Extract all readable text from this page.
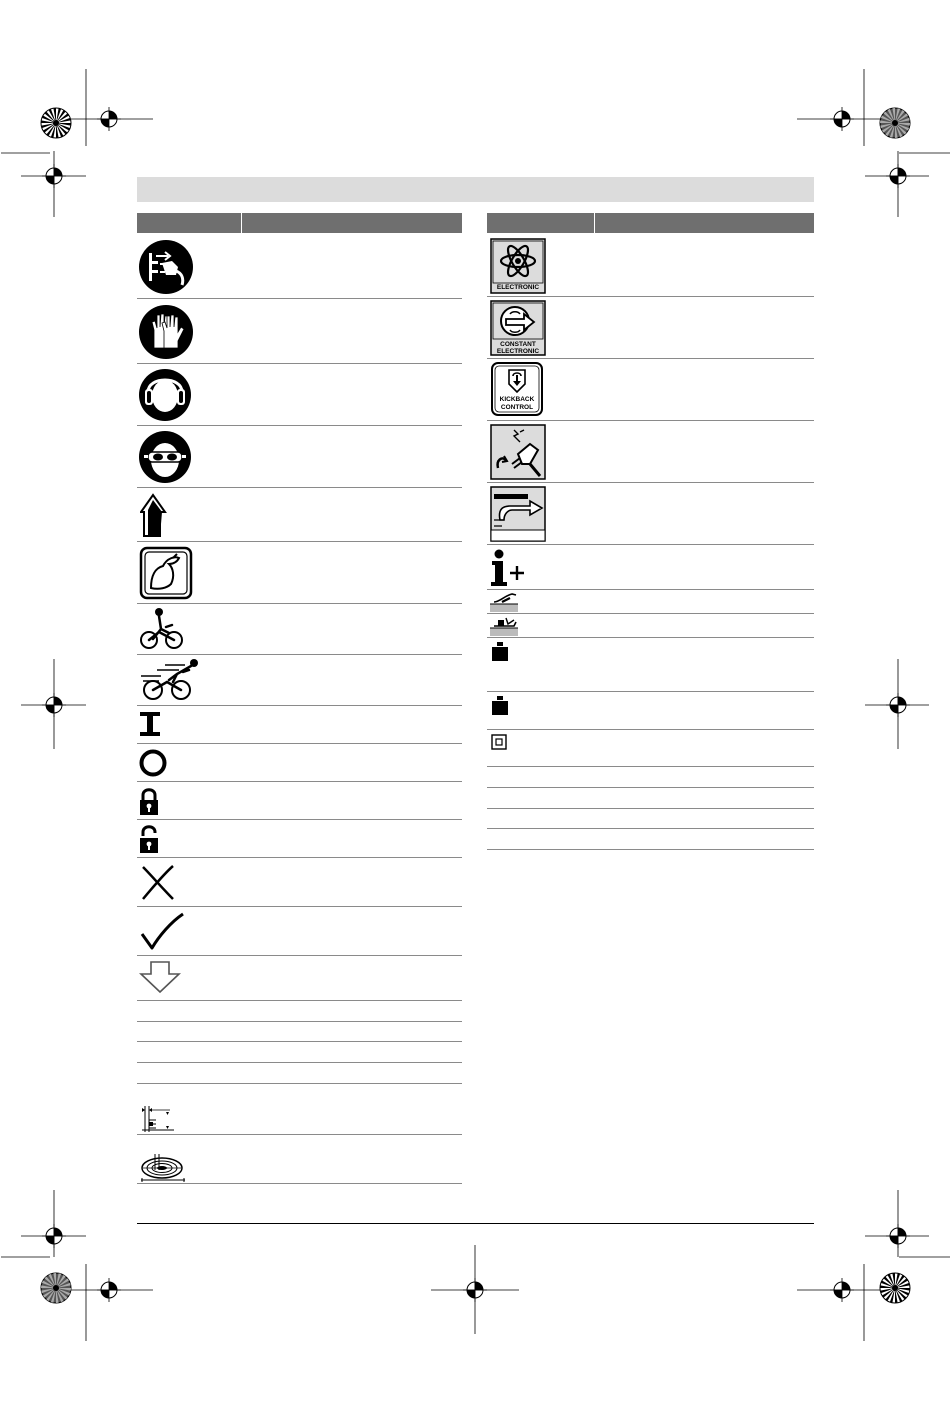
ELECTRONIC
CONSTANT
ELECTRONIC
KICKBACK
CONTROL
